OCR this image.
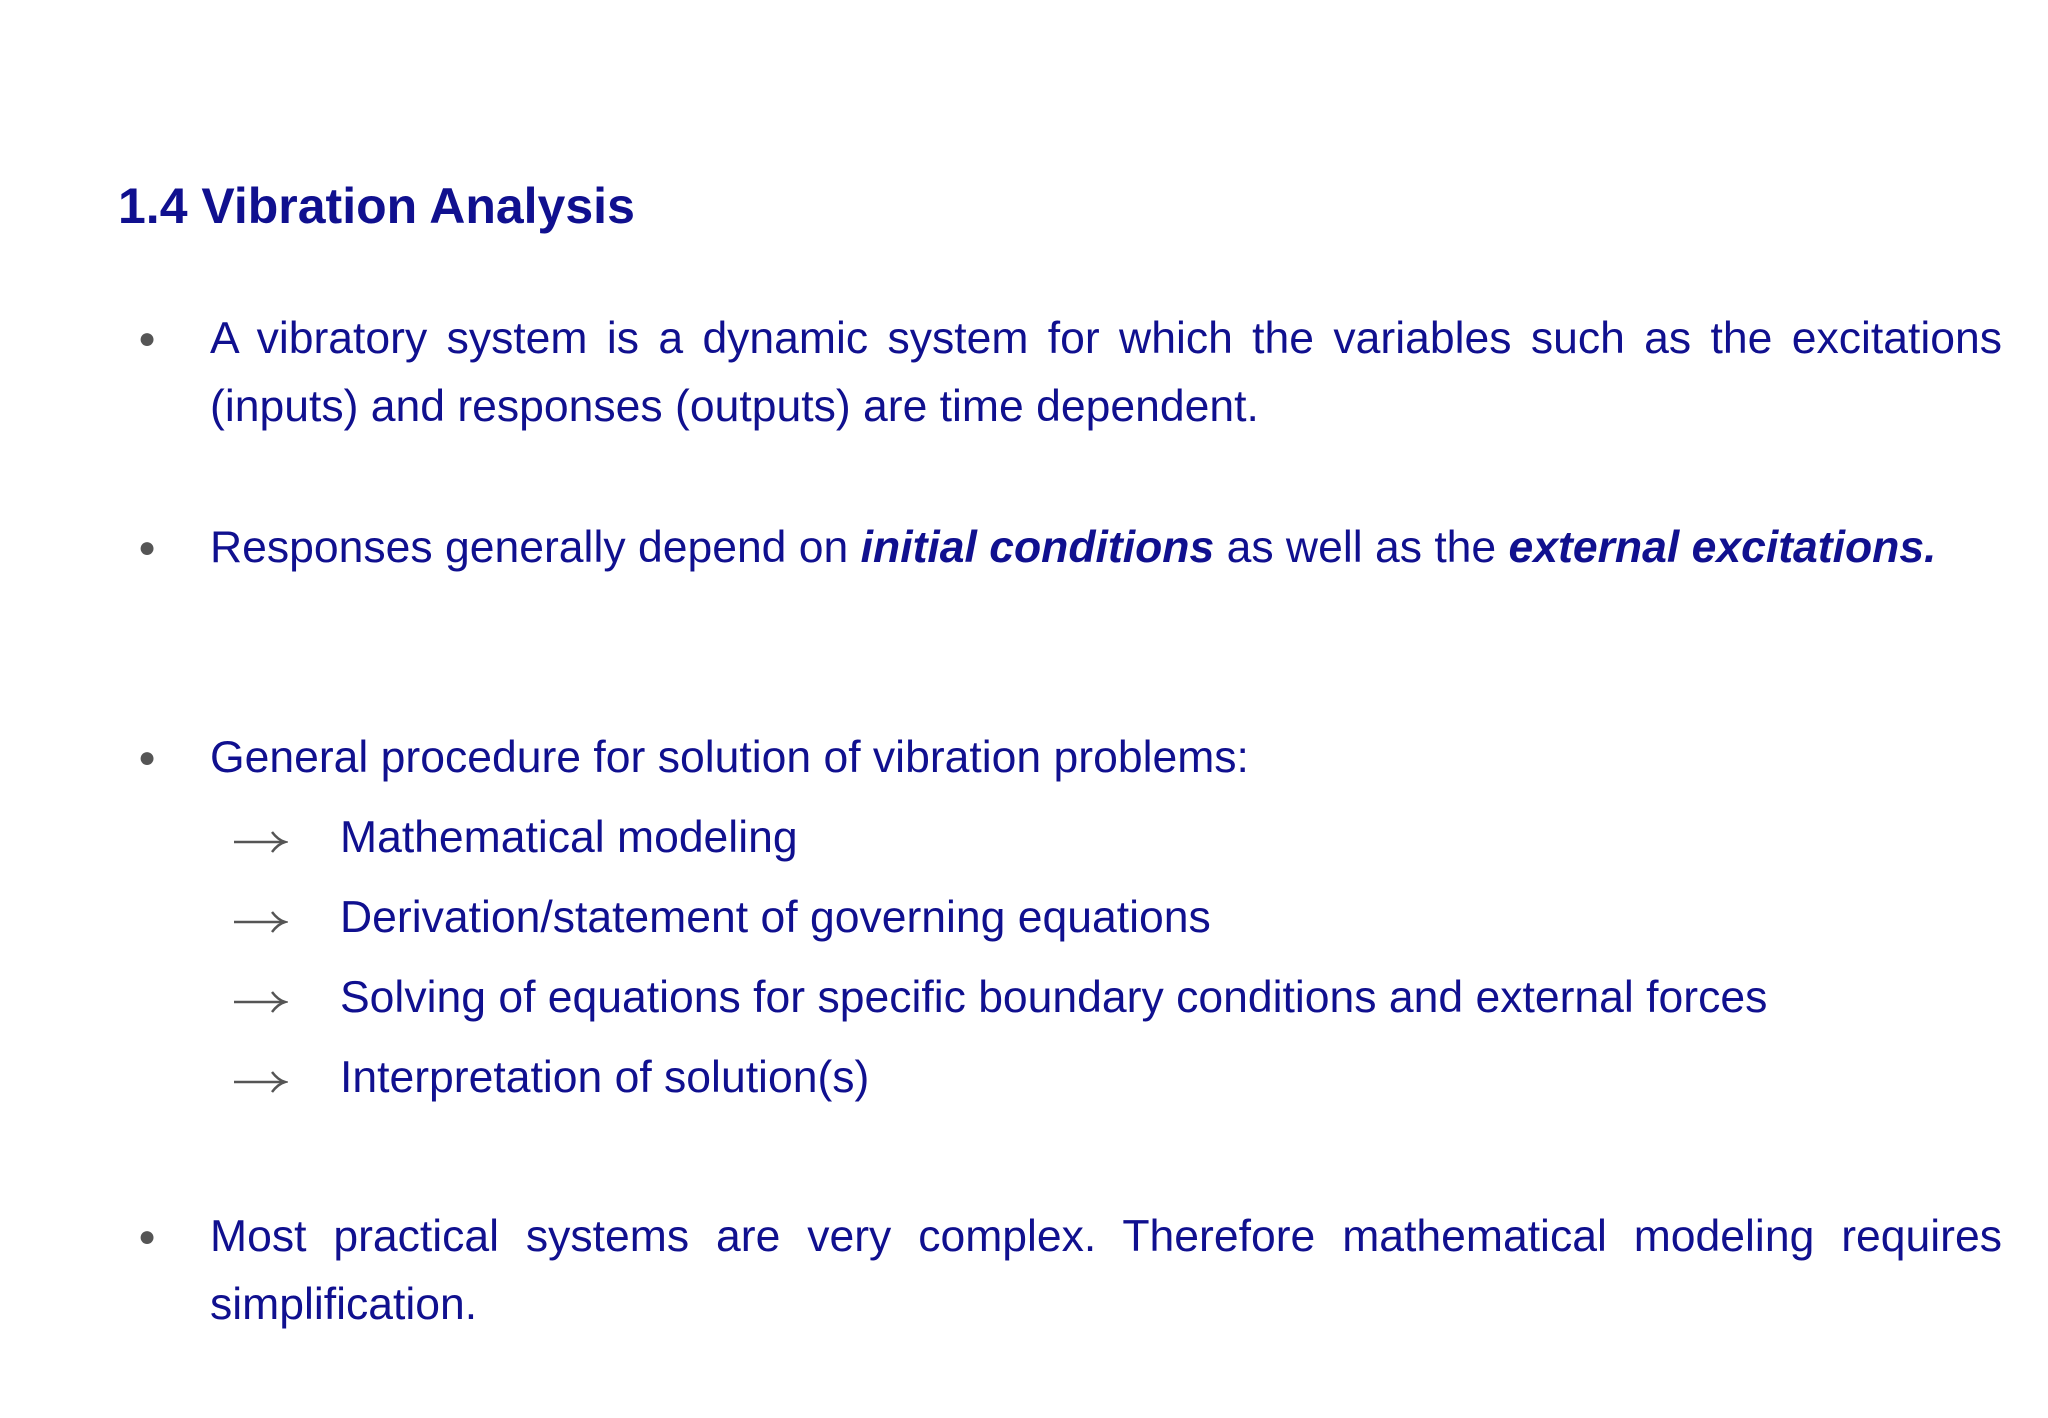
1.4 Vibration Analysis
● A vibratory system is a dynamic system for which the variables such as the excitations (inputs) and responses (outputs) are time dependent.

● Responses generally depend on initial conditions as well as the external excitations.

● General procedure for solution of vibration problems:

Mathematical modeling
Derivation/statement of governing equations
Solving of equations for specific boundary conditions and external forces
Interpretation of solution(s)
● Most practical systems are very complex. Therefore mathematical modeling requires simplification.
